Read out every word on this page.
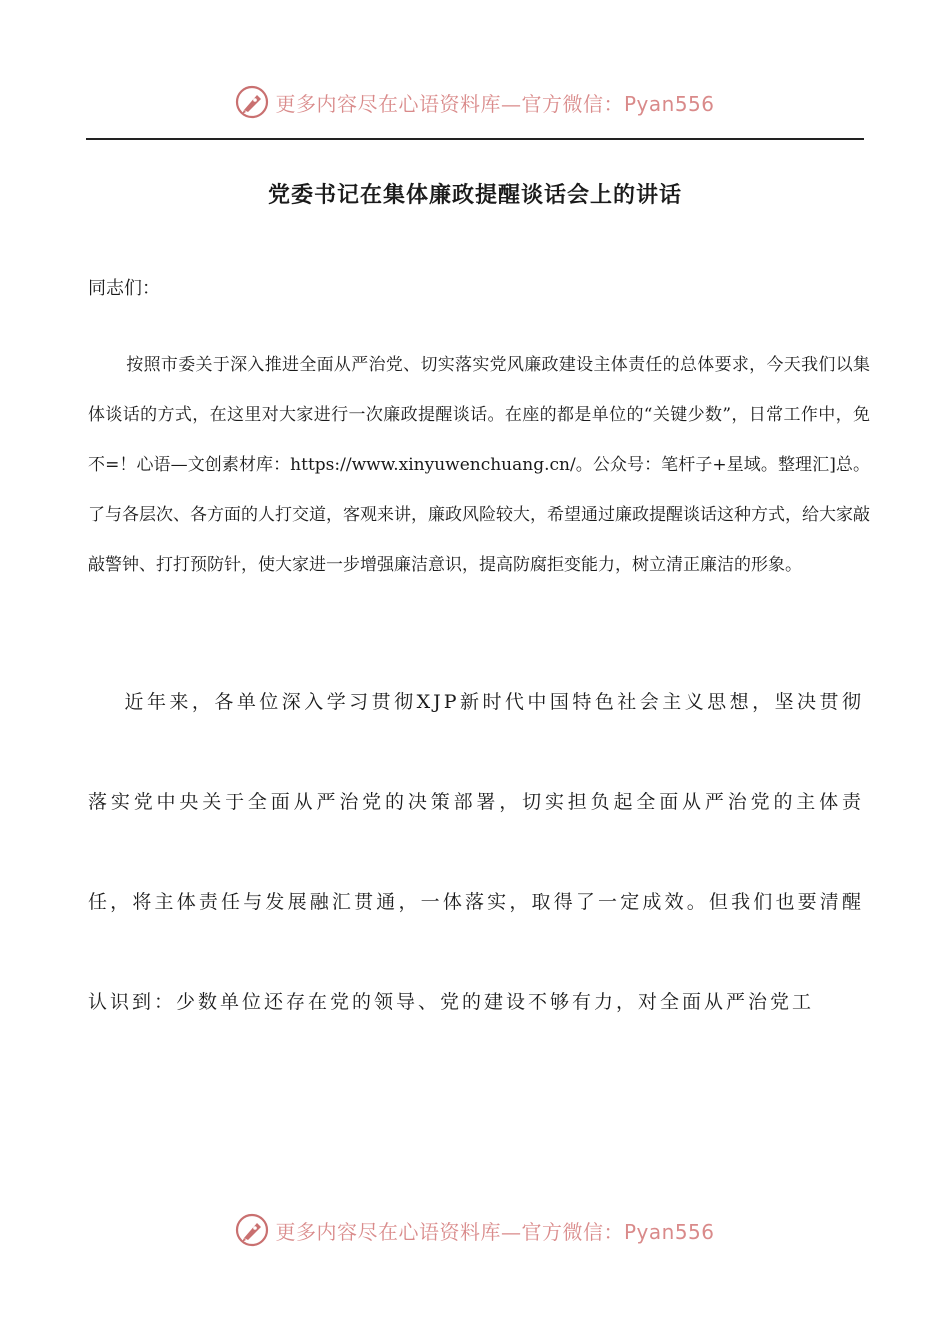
更多内容尽在心语资料库—官方微信：Pyan556
党委书记在集体廉政提醒谈话会上的讲话
同志们：
按照市委关于深入推进全面从严治党、切实落实党风廉政建设主体责任的总体要求，今天我们以集体谈话的方式，在这里对大家进行一次廉政提醒谈话。在座的都是单位的“关键少数”，日常工作中，免不=！心语—文创素材库：https://www.xinyuwenchuang.cn/。公众号：笔杆子+星域。整理汇]总。了与各层次、各方面的人打交道，客观来讲，廉政风险较大，希望通过廉政提醒谈话这种方式，给大家敲敲警钟、打打预防针，使大家进一步增强廉洁意识，提高防腐拒变能力，树立清正廉洁的形象。
近年来，各单位深入学习贯彻XJP新时代中国特色社会主义思想，坚决贯彻落实党中央关于全面从严治党的决策部署，切实担负起全面从严治党的主体责任，将主体责任与发展融汇贯通，一体落实，取得了一定成效。但我们也要清醒认识到：少数单位还存在党的领导、党的建设不够有力，对全面从严治党工
更多内容尽在心语资料库—官方微信：Pyan556
